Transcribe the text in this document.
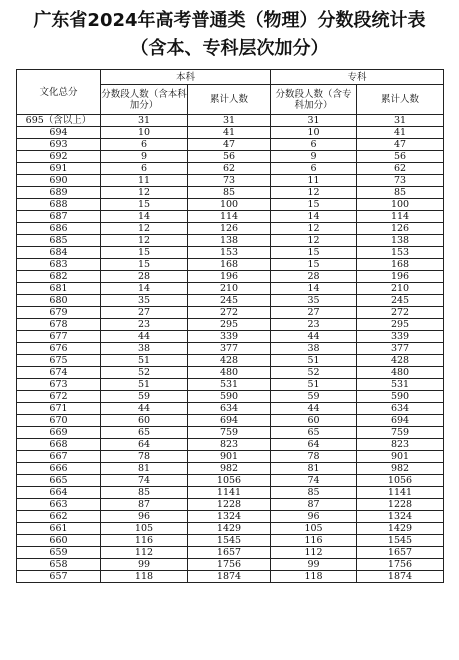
广东省2024年高考普通类（物理）分数段统计表
（含本、专科层次加分）
文化总分	本科		专科	
	分数段人数（含本科加分）	累计人数	分数段人数（含专科加分）	累计人数
695（含以上）	31	31	31	31
694	10	41	10	41
693	6	47	6	47
692	9	56	9	56
691	6	62	6	62
690	11	73	11	73
689	12	85	12	85
688	15	100	15	100
687	14	114	14	114
686	12	126	12	126
685	12	138	12	138
684	15	153	15	153
683	15	168	15	168
682	28	196	28	196
681	14	210	14	210
680	35	245	35	245
679	27	272	27	272
678	23	295	23	295
677	44	339	44	339
676	38	377	38	377
675	51	428	51	428
674	52	480	52	480
673	51	531	51	531
672	59	590	59	590
671	44	634	44	634
670	60	694	60	694
669	65	759	65	759
668	64	823	64	823
667	78	901	78	901
666	81	982	81	982
665	74	1056	74	1056
664	85	1141	85	1141
663	87	1228	87	1228
662	96	1324	96	1324
661	105	1429	105	1429
660	116	1545	116	1545
659	112	1657	112	1657
658	99	1756	99	1756
657	118	1874	118	1874
